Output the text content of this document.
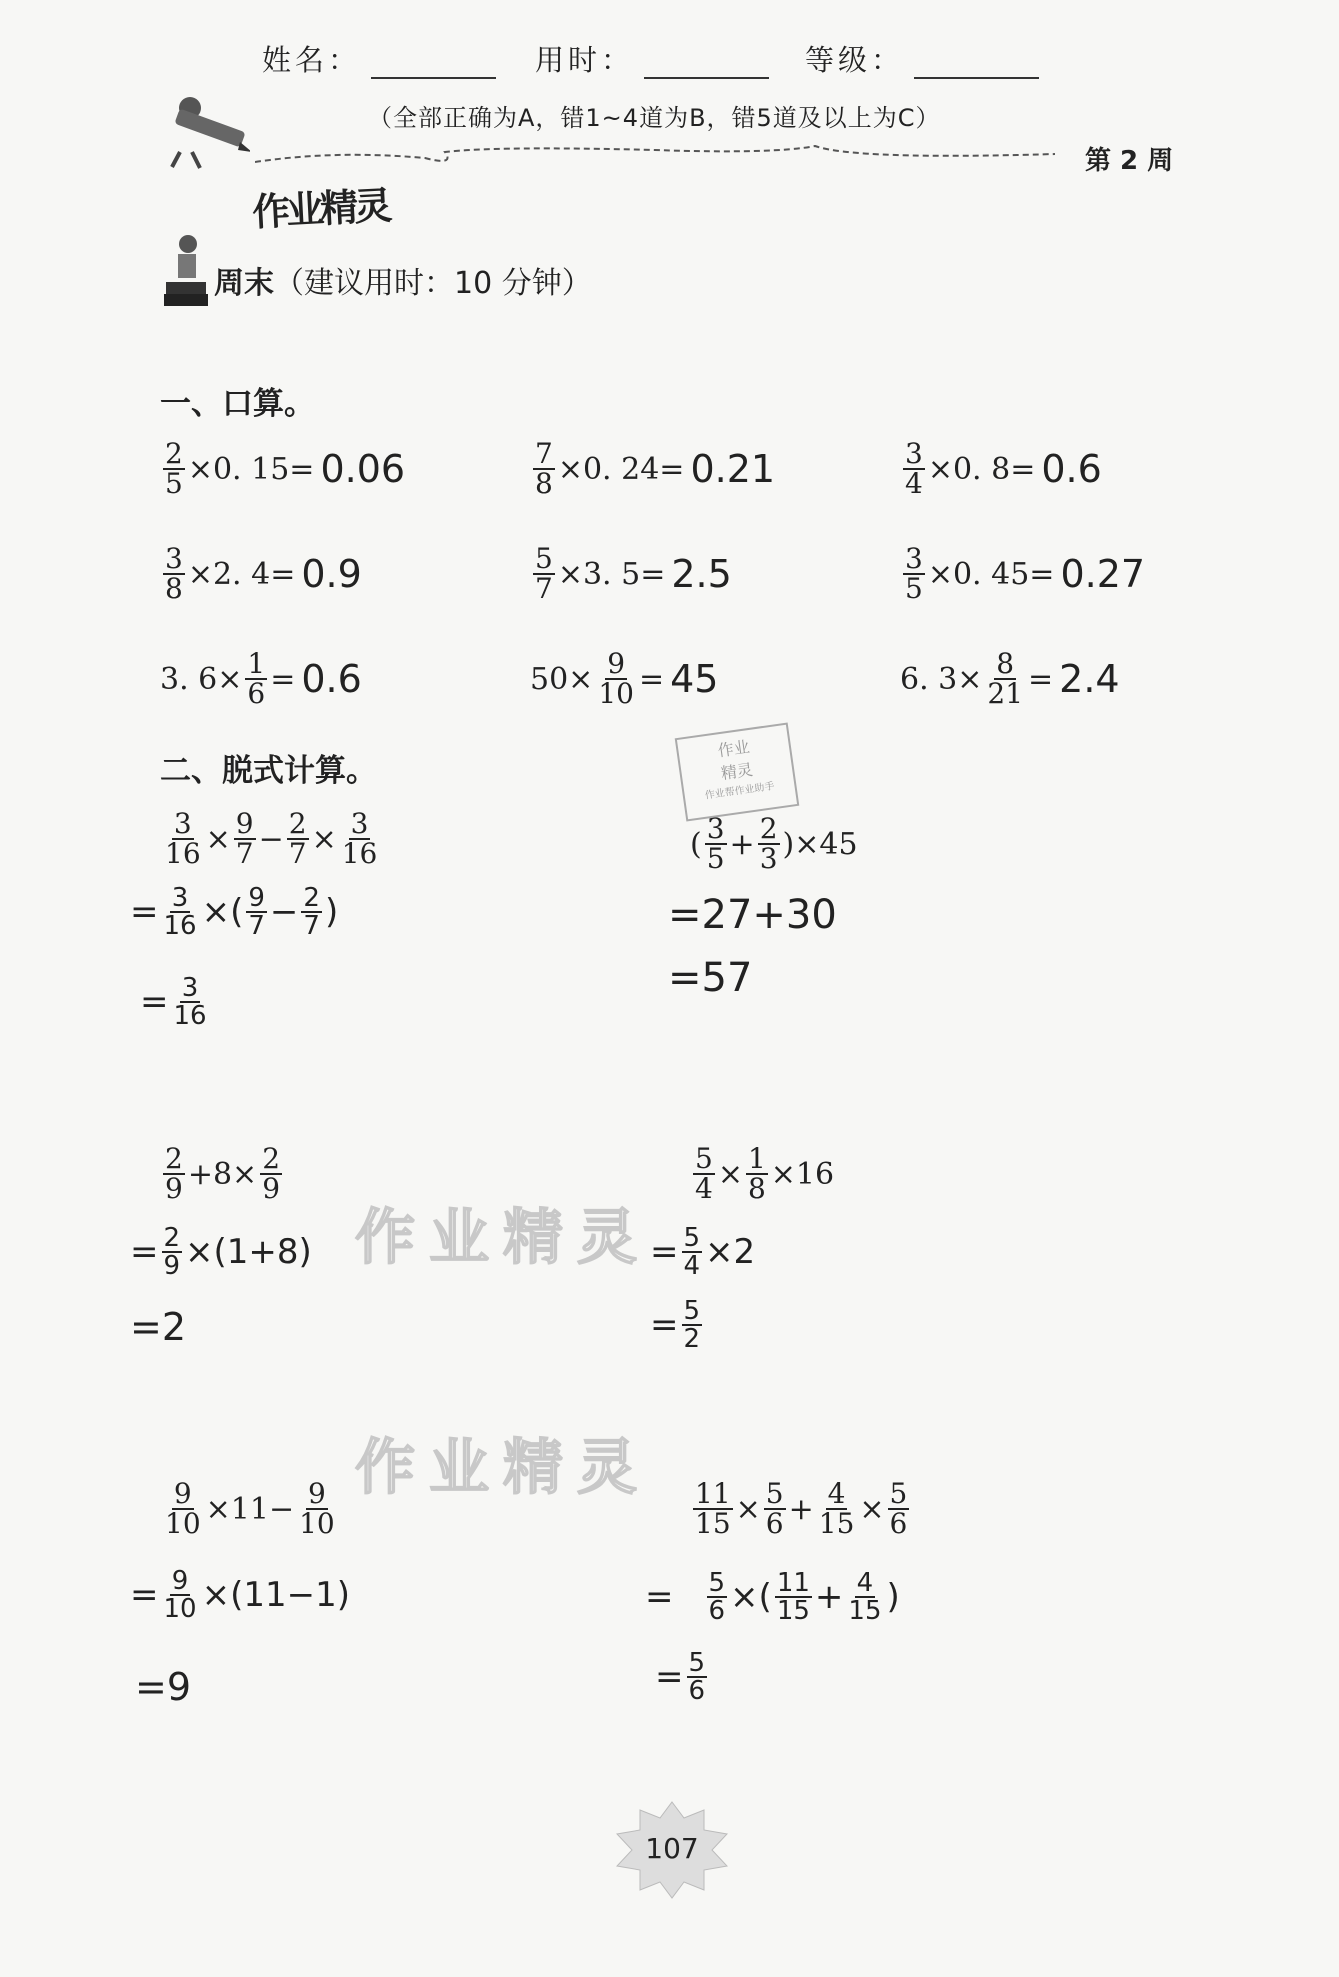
姓名：	用时：	等级：
（全部正确为A，错1~4道为B，错5道及以上为C）
第 2 周
作业精灵
周末（建议用时：10 分钟）
一、口算。
$\frac{2}{5} \times 0$. 15= 0.06	$\frac{7}{8} \times 0$. 24= 0.21	$\frac{3}{4} \times 0$. 8= 0.6
$\frac{3}{8} \times 2$. 4= 0.9	$\frac{5}{7} \times 3$. 5= 2.5	$\frac{3}{5} \times 0$. 45= 0.27
3. $6\times \frac{1}{6} = 0.6$	$50\times \frac{9}{10} = 45$	6. $3\times \frac{8}{21} = 2.4$
二、脱式计算。
$\frac{3}{16} \times \frac{9}{7} - \frac{2}{7} \times \frac{3}{16}$
= $\frac{3}{16}$ ×( $\frac{9}{7} - \frac{2}{7}$ )
= $\frac{3}{16}$
( $\frac{3}{5} + \frac{2}{3} )\times 45$
=27+30
=57
$\frac{2}{9} +8\times \frac{2}{9}$
= $\frac{2}{9} \times(1+8)$
=2
$\frac{5}{4} \times \frac{1}{8} \times 16$
= $\frac{5}{4} \times 2$
= $\frac{5}{2}$
$\frac{9}{10} \times 11- \frac{9}{10}$
= $\frac{9}{10} \times(11-1)$
=9
$\frac{11}{15} \times \frac{5}{6} + \frac{4}{15} \times \frac{5}{6}$
= $\frac{5}{6}$ ×( $\frac{11}{15} + \frac{4}{15}$ )
= $\frac{5}{6}$
作业精灵
作业精灵
作业
精灵
作业帮作业助手
107
